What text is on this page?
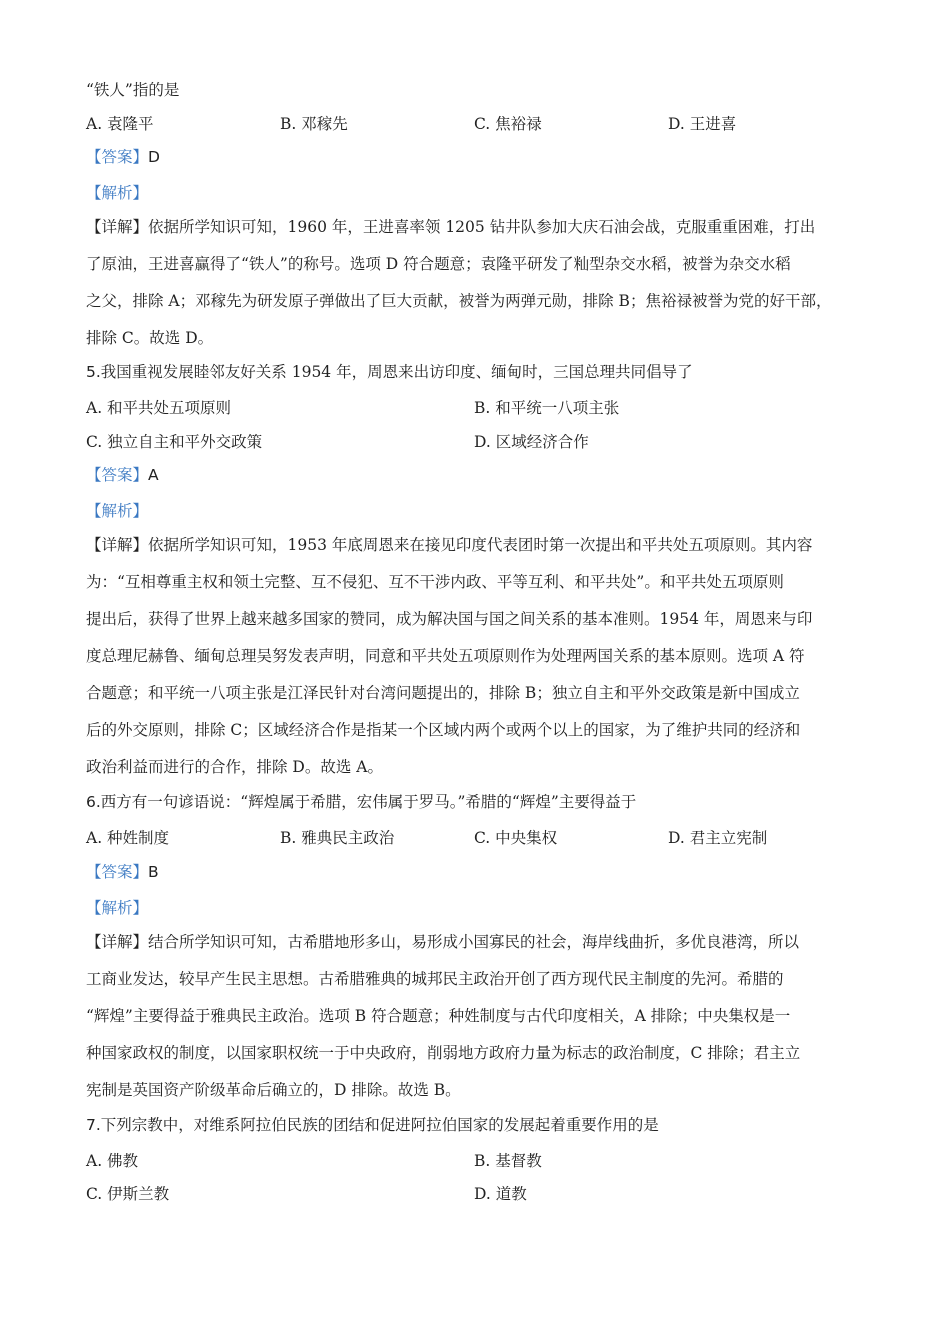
“铁人”指的是
A. 袁隆平	B. 邓稼先	C. 焦裕禄	D. 王进喜
【答案】D
【解析】
【详解】依据所学知识可知，1960 年，王进喜率领 1205 钻井队参加大庆石油会战，克服重重困难，打出
了原油，王进喜赢得了“铁人”的称号。选项 D 符合题意；袁隆平研发了籼型杂交水稻，被誉为杂交水稻
之父，排除 A；邓稼先为研发原子弹做出了巨大贡献，被誉为两弹元勋，排除 B；焦裕禄被誉为党的好干部，
排除 C。故选 D。
5.我国重视发展睦邻友好关系 1954 年，周恩来出访印度、缅甸时，三国总理共同倡导了
A. 和平共处五项原则	B. 和平统一八项主张
C. 独立自主和平外交政策	D. 区域经济合作
【答案】A
【解析】
【详解】依据所学知识可知，1953 年底周恩来在接见印度代表团时第一次提出和平共处五项原则。其内容
为：“互相尊重主权和领土完整、互不侵犯、互不干涉内政、平等互利、和平共处”。和平共处五项原则
提出后，获得了世界上越来越多国家的赞同，成为解决国与国之间关系的基本准则。1954 年，周恩来与印
度总理尼赫鲁、缅甸总理吴努发表声明，同意和平共处五项原则作为处理两国关系的基本原则。选项 A 符
合题意；和平统一八项主张是江泽民针对台湾问题提出的，排除 B；独立自主和平外交政策是新中国成立
后的外交原则，排除 C；区域经济合作是指某一个区域内两个或两个以上的国家，为了维护共同的经济和
政治利益而进行的合作，排除 D。故选 A。
6.西方有一句谚语说：“辉煌属于希腊，宏伟属于罗马。”希腊的“辉煌”主要得益于
A. 种姓制度	B. 雅典民主政治	C. 中央集权	D. 君主立宪制
【答案】B
【解析】
【详解】结合所学知识可知，古希腊地形多山，易形成小国寡民的社会，海岸线曲折，多优良港湾，所以
工商业发达，较早产生民主思想。古希腊雅典的城邦民主政治开创了西方现代民主制度的先河。希腊的
“辉煌”主要得益于雅典民主政治。选项 B 符合题意；种姓制度与古代印度相关，A 排除；中央集权是一
种国家政权的制度，以国家职权统一于中央政府，削弱地方政府力量为标志的政治制度，C 排除；君主立
宪制是英国资产阶级革命后确立的，D 排除。故选 B。
7.下列宗教中，对维系阿拉伯民族的团结和促进阿拉伯国家的发展起着重要作用的是
A. 佛教	B. 基督教
C. 伊斯兰教	D. 道教
